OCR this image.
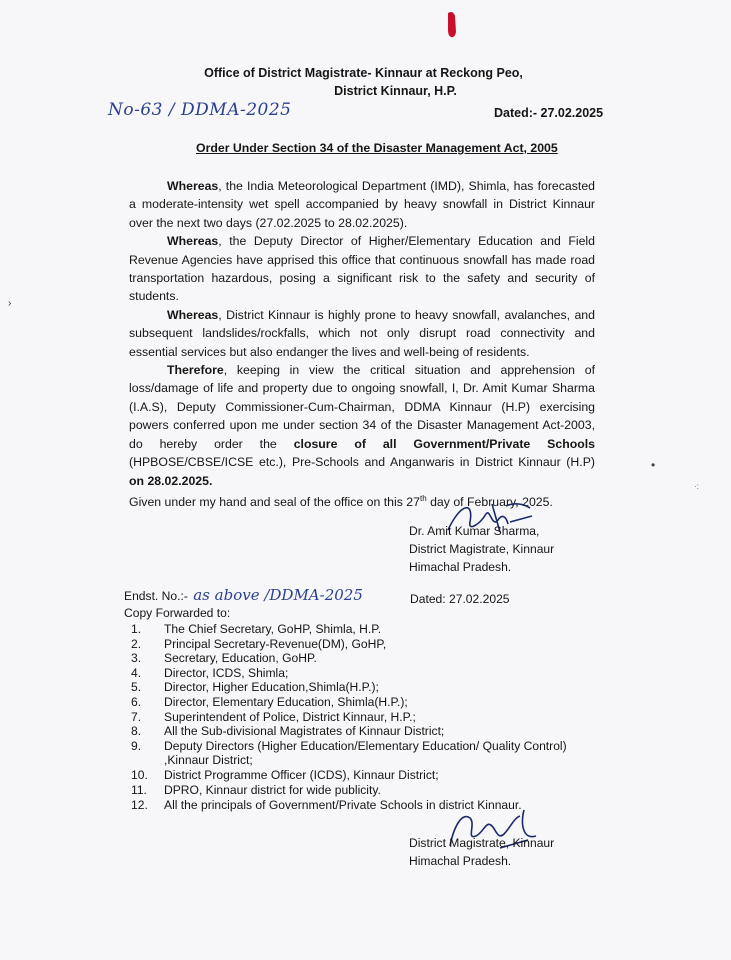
Office of District Magistrate- Kinnaur at Reckong Peo,
District Kinnaur, H.P.
No-63 / DDMA-2025	Dated:- 27.02.2025
Order Under Section 34 of the Disaster Management Act, 2005

Whereas, the India Meteorological Department (IMD), Shimla, has forecasted a moderate-intensity wet spell accompanied by heavy snowfall in District Kinnaur over the next two days (27.02.2025 to 28.02.2025).

Whereas, the Deputy Director of Higher/Elementary Education and Field Revenue Agencies have apprised this office that continuous snowfall has made road transportation hazardous, posing a significant risk to the safety and security of students.

Whereas, District Kinnaur is highly prone to heavy snowfall, avalanches, and subsequent landslides/rockfalls, which not only disrupt road connectivity and essential services but also endanger the lives and well-being of residents.

Therefore, keeping in view the critical situation and apprehension of loss/damage of life and property due to ongoing snowfall, I, Dr. Amit Kumar Sharma (I.A.S), Deputy Commissioner-Cum-Chairman, DDMA Kinnaur (H.P) exercising powers conferred upon me under section 34 of the Disaster Management Act-2003, do hereby order the closure of all Government/Private Schools (HPBOSE/CBSE/ICSE etc.), Pre-Schools and Anganwaris in District Kinnaur (H.P) on 28.02.2025.

Given under my hand and seal of the office on this 27th day of February, 2025.

Dr. Amit Kumar Sharma,
District Magistrate, Kinnaur
Himachal Pradesh.
Endst. No.:- as above /DDMA-2025	Dated: 27.02.2025
Copy Forwarded to:
1.	The Chief Secretary, GoHP, Shimla, H.P.
2.	Principal Secretary-Revenue(DM), GoHP,
3.	Secretary, Education, GoHP.
4.	Director, ICDS, Shimla;
5.	Director, Higher Education,Shimla(H.P.);
6.	Director, Elementary Education, Shimla(H.P.);
7.	Superintendent of Police, District Kinnaur, H.P.;
8.	All the Sub-divisional Magistrates of Kinnaur District;
9.	Deputy Directors (Higher Education/Elementary Education/ Quality Control)
,Kinnaur District;
10.	District Programme Officer (ICDS), Kinnaur District;
11.	DPRO, Kinnaur district for wide publicity.
12.	All the principals of Government/Private Schools in district Kinnaur.
District Magistrate, Kinnaur
Himachal Pradesh.
›
•
·:
